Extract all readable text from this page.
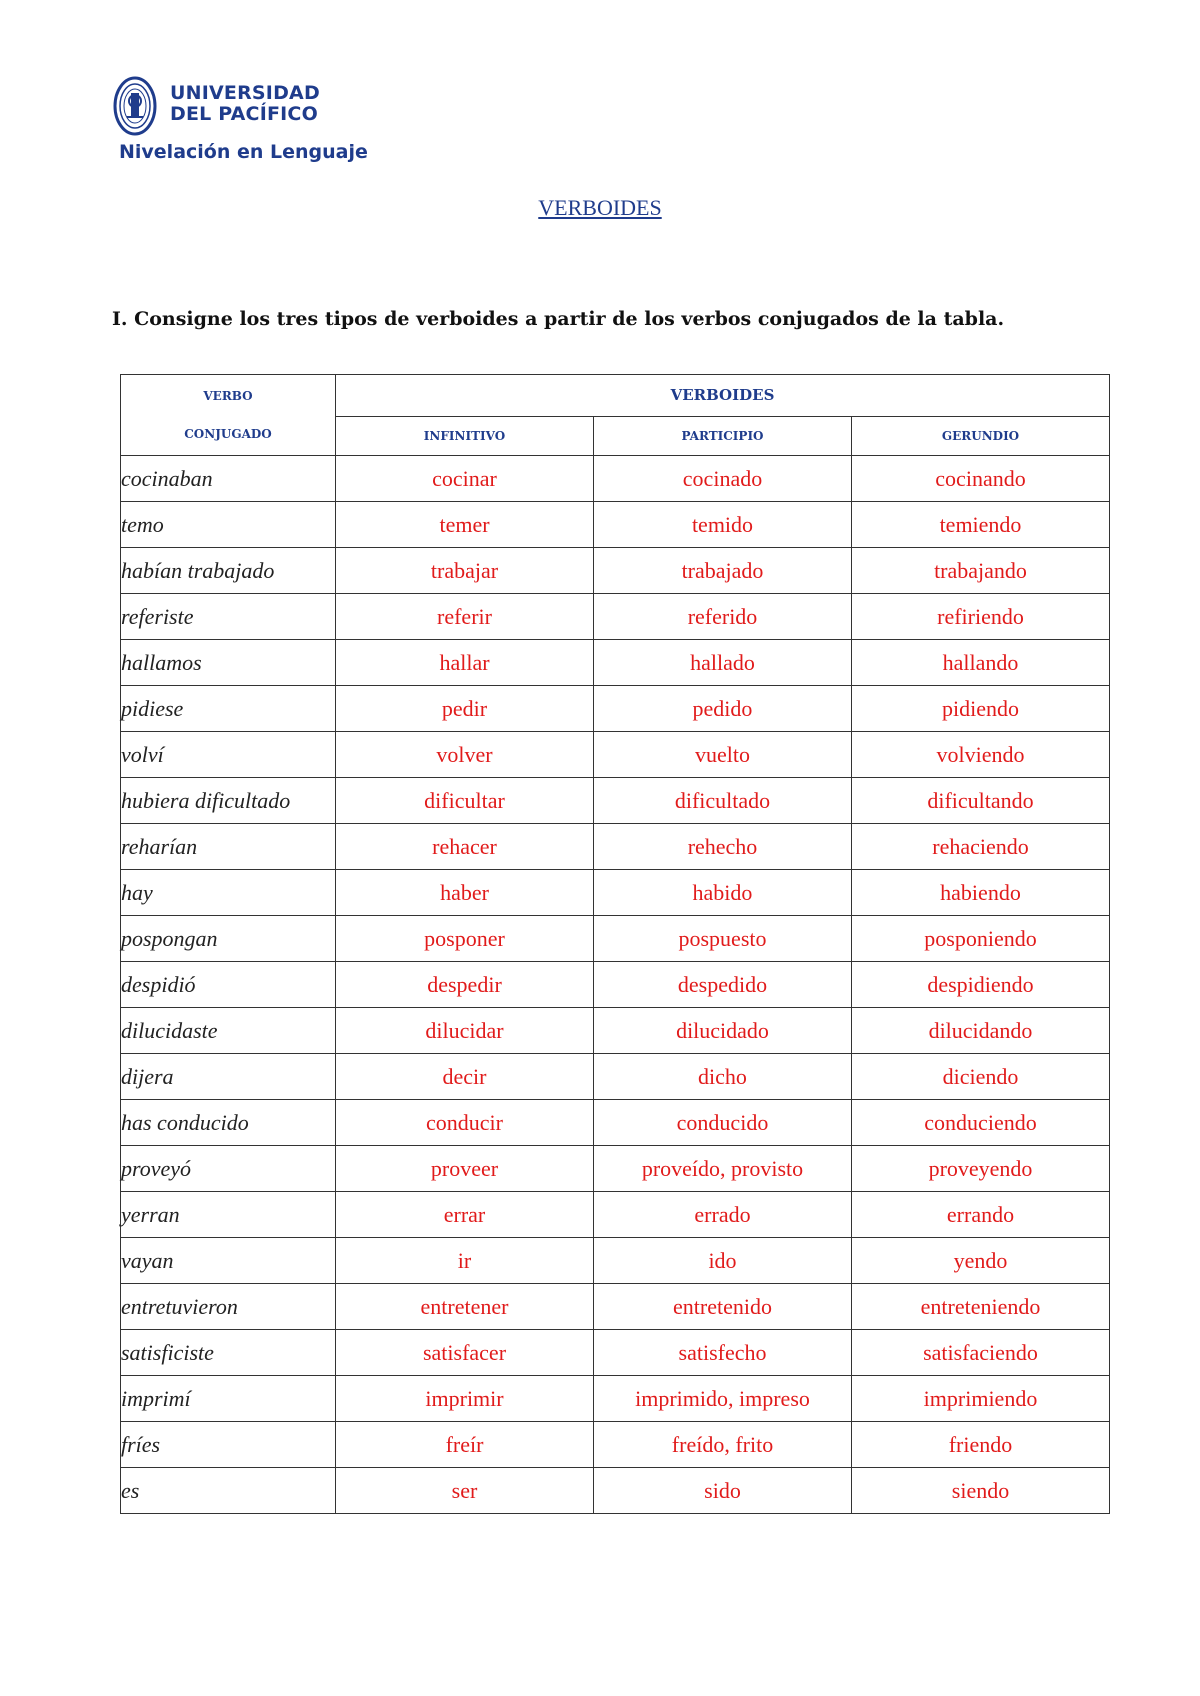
UNIVERSIDAD
DEL PACÍFICO
Nivelación en Lenguaje
VERBOIDES
I. Consigne los tres tipos de verboides a partir de los verbos conjugados de la tabla.
VERBO
CONJUGADO	VERBOIDES		
	INFINITIVO	PARTICIPIO	GERUNDIO
cocinaban	cocinar	cocinado	cocinando
temo	temer	temido	temiendo
habían trabajado	trabajar	trabajado	trabajando
referiste	referir	referido	refiriendo
hallamos	hallar	hallado	hallando
pidiese	pedir	pedido	pidiendo
volví	volver	vuelto	volviendo
hubiera dificultado	dificultar	dificultado	dificultando
reharían	rehacer	rehecho	rehaciendo
hay	haber	habido	habiendo
pospongan	posponer	pospuesto	posponiendo
despidió	despedir	despedido	despidiendo
dilucidaste	dilucidar	dilucidado	dilucidando
dijera	decir	dicho	diciendo
has conducido	conducir	conducido	conduciendo
proveyó	proveer	proveído, provisto	proveyendo
yerran	errar	errado	errando
vayan	ir	ido	yendo
entretuvieron	entretener	entretenido	entreteniendo
satisficiste	satisfacer	satisfecho	satisfaciendo
imprimí	imprimir	imprimido, impreso	imprimiendo
fríes	freír	freído, frito	friendo
es	ser	sido	siendo
